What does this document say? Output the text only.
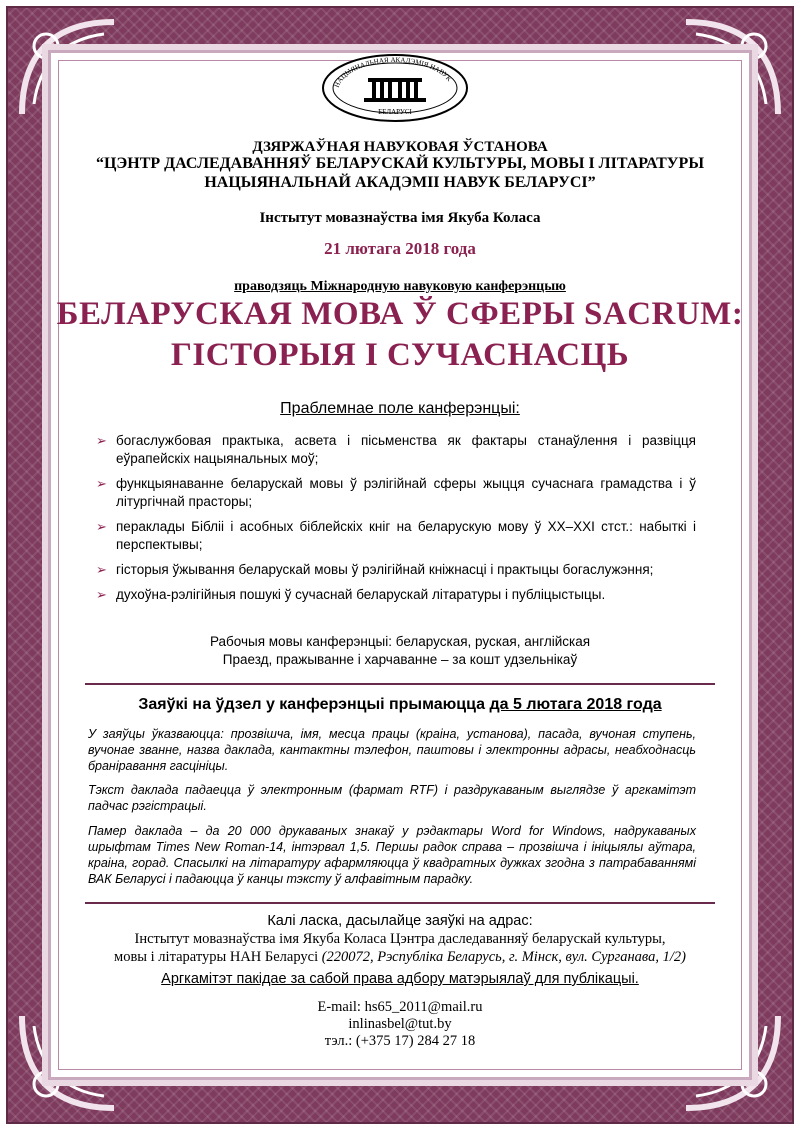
НАЦЫЯНАЛЬНАЯ АКАДЭМІЯ НАВУК
БЕЛАРУСІ
ДЗЯРЖАЎНАЯ НАВУКОВАЯ ЎСТАНОВА
“ЦЭНТР ДАСЛЕДАВАННЯЎ БЕЛАРУСКАЙ КУЛЬТУРЫ, МОВЫ І ЛІТАРАТУРЫ
НАЦЫЯНАЛЬНАЙ АКАДЭМІІ НАВУК БЕЛАРУСІ”
Інстытут мовазнаўства імя Якуба Коласа
21 лютага 2018 года
праводзяць Міжнародную навуковую канферэнцыю
БЕЛАРУСКАЯ МОВА Ў СФЕРЫ SACRUM:
ГІСТОРЫЯ І СУЧАСНАСЦЬ
Праблемнае поле канферэнцыі:
➢ богаслужбовая практыка, асвета і пісьменства як фактары станаўлення і развіцця еўрапейскіх нацыянальных моў;
➢ функцыянаванне беларускай мовы ў рэлігійнай сферы жыцця сучаснага грамадства і ў літургічнай прасторы;
➢ пераклады Бібліі і асобных біблейскіх кніг на беларускую мову ў ХХ–ХХІ стст.: набыткі і перспектывы;
➢ гісторыя ўжывання беларускай мовы ў рэлігійнай кніжнасці і практыцы богаслужэння;
➢ духоўна-рэлігійныя пошукі ў сучаснай беларускай літаратуры і публіцыстыцы.
Рабочыя мовы канферэнцыі: беларуская, руская, англійская
Праезд, пражыванне і харчаванне – за кошт удзельнікаў
Заяўкі на ўдзел у канферэнцыі прымаюцца да 5 лютага 2018 года
У заяўцы ўказваюцца: прозвішча, імя, месца працы (краіна, установа), пасада, вучоная ступень, вучонае званне, назва даклада, кантактны тэлефон, паштовы і электронны адрасы, неабходнасць браніравання гасцініцы.
Тэкст даклада падаецца ў электронным (фармат RTF) і раздрукаваным выглядзе ў аргкамітэт падчас рэгістрацыі.
Памер даклада – да 20 000 друкаваных знакаў у рэдактары Word for Windows, надрукаваных шрыфтам Times New Roman-14, інтэрвал 1,5. Першы радок справа – прозвішча і ініцыялы аўтара, краіна, горад. Спасылкі на літаратуру афармляюцца ў квадратных дужках згодна з патрабаваннямі ВАК Беларусі і падаюцца ў канцы тэксту ў алфавітным парадку.
Калі ласка, дасылайце заяўкі на адрас:
Інстытут мовазнаўства імя Якуба Коласа Цэнтра даследаванняў беларускай культуры,
мовы і літаратуры НАН Беларусі (220072, Рэспубліка Беларусь, г. Мінск, вул. Сурганава, 1/2)
Аргкамітэт пакідае за сабой права адбору матэрыялаў для публікацыі.
E-mail: hs65_2011@mail.ru
inlinasbel@tut.by
тэл.: (+375 17) 284 27 18
